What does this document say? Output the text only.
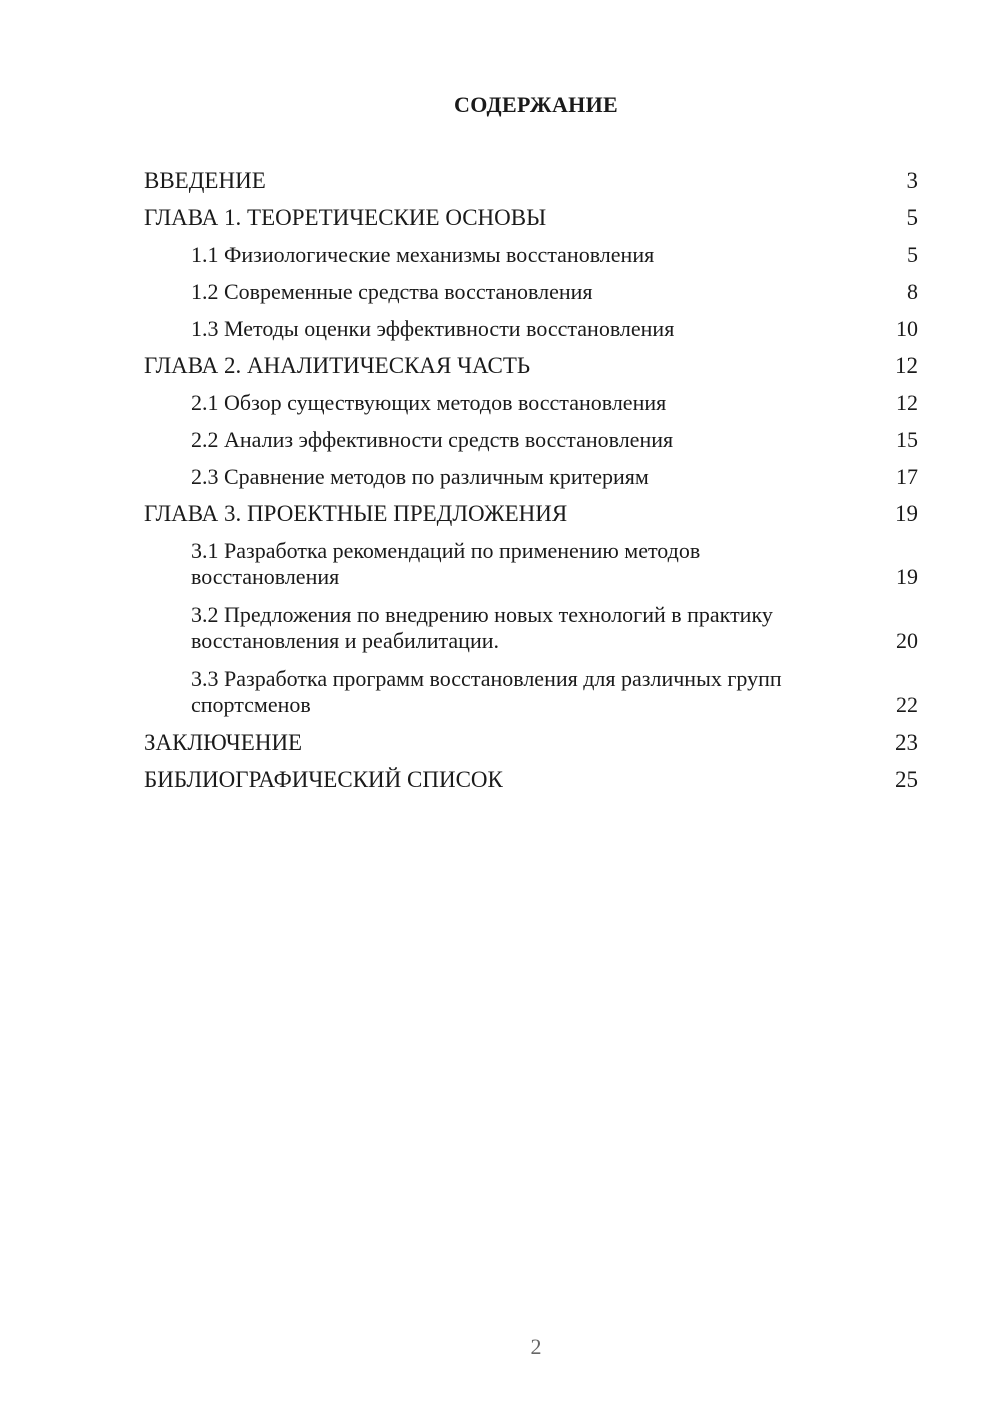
СОДЕРЖАНИЕ
ВВЕДЕНИЕ	3
ГЛАВА 1. ТЕОРЕТИЧЕСКИЕ ОСНОВЫ	5
1.1 Физиологические механизмы восстановления	5
1.2 Современные средства восстановления	8
1.3 Методы оценки эффективности восстановления	10
ГЛАВА 2. АНАЛИТИЧЕСКАЯ ЧАСТЬ	12
2.1 Обзор существующих методов восстановления	12
2.2 Анализ эффективности средств восстановления	15
2.3 Сравнение методов по различным критериям	17
ГЛАВА 3. ПРОЕКТНЫЕ ПРЕДЛОЖЕНИЯ	19
3.1 Разработка рекомендаций по применению методов восстановления	19
3.2 Предложения по внедрению новых технологий в практику восстановления и реабилитации.	20
3.3 Разработка программ восстановления для различных групп спортсменов	22
ЗАКЛЮЧЕНИЕ	23
БИБЛИОГРАФИЧЕСКИЙ СПИСОК	25
2
